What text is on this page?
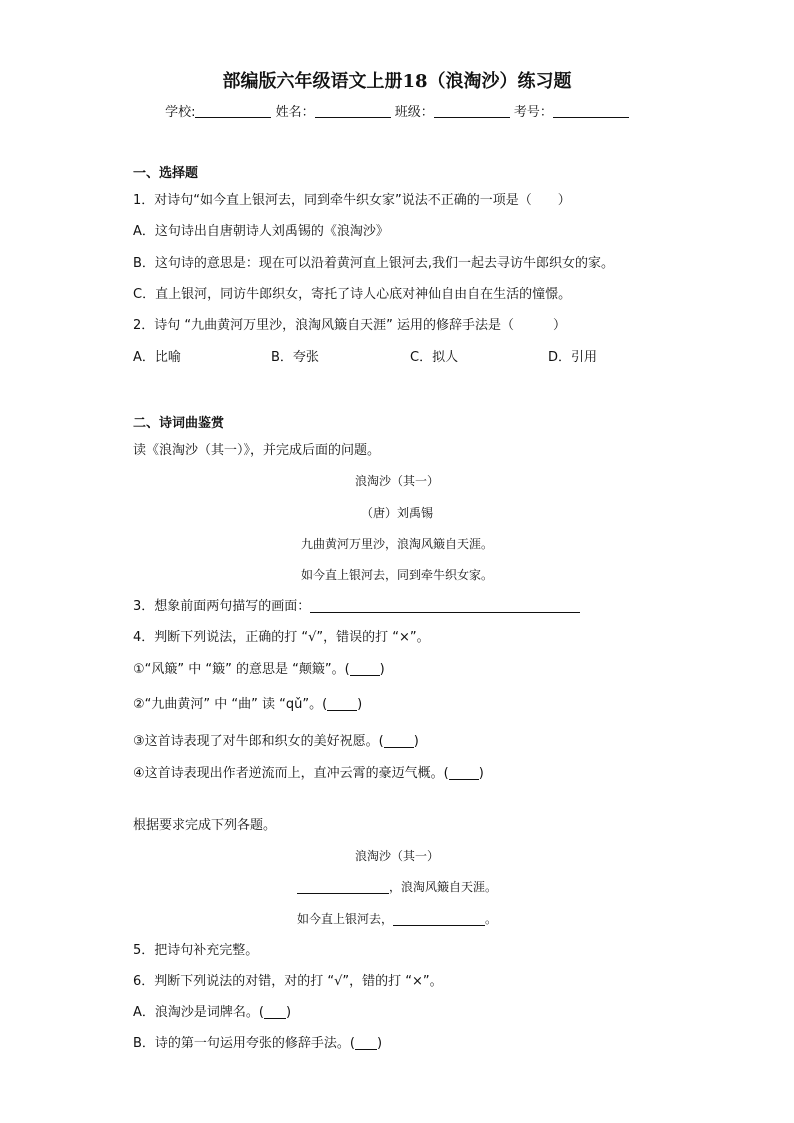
部编版六年级语文上册18（浪淘沙）练习题
学校:	姓名：	班级：	考号：
一、选择题
1．对诗句“如今直上银河去，同到牵牛织女家”说法不正确的一项是（　　）
A．这句诗出自唐朝诗人刘禹锡的《浪淘沙》
B．这句诗的意思是：现在可以沿着黄河直上银河去,我们一起去寻访牛郎织女的家。
C．直上银河，同访牛郎织女，寄托了诗人心底对神仙自由自在生活的憧憬。
2．诗句 “九曲黄河万里沙，浪淘风簸自天涯” 运用的修辞手法是（　　　）
A．比喻	B．夸张	C．拟人	D．引用
二、诗词曲鉴赏
读《浪淘沙（其一）》，并完成后面的问题。
浪淘沙（其一）
（唐）刘禹锡
九曲黄河万里沙，浪淘风簸自天涯。
如今直上银河去，同到牵牛织女家。
3．想象前面两句描写的画面：
4．判断下列说法，正确的打 “√”，错误的打 “×”。
①“风簸” 中 “簸” 的意思是 “颠簸”。( )
②“九曲黄河” 中 “曲” 读 “qǔ”。( )
③这首诗表现了对牛郎和织女的美好祝愿。( )
④这首诗表现出作者逆流而上，直冲云霄的豪迈气概。( )
根据要求完成下列各题。
浪淘沙（其一）
，浪淘风簸自天涯。
如今直上银河去，	。
5．把诗句补充完整。
6．判断下列说法的对错，对的打 “√”，错的打 “×”。
A．浪淘沙是词牌名。( )
B．诗的第一句运用夸张的修辞手法。( )
